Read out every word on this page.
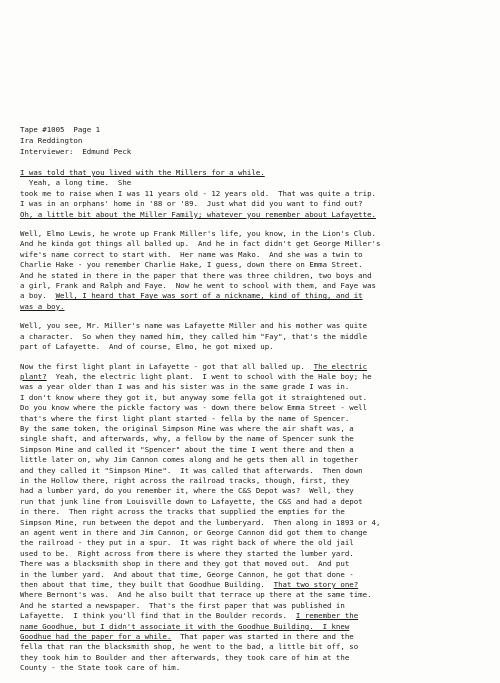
Tape #1005  Page 1
Ira Reddington
Interviewer:  Edmund Peck
I was told that you lived with the Millers for a while.
Yeah, a long time.  She
took me to raise when I was 11 years old - 12 years old.  That was quite a trip.
I was in an orphans' home in '88 or '89.  Just what did you want to find out?
Oh, a little bit about the Miller Family; whatever you remember about Lafayette.
Well, Elmo Lewis, he wrote up Frank Miller's life, you know, in the Lion's Club.
And he kinda got things all balled up.  And he in fact didn't get George Miller's
wife's name correct to start with.  Her name was Mako.  And she was a twin to
Charlie Hake - you remember Charlie Hake, I guess, down there on Emma Street.
And he stated in there in the paper that there was three children, two boys and
a girl, Frank and Ralph and Faye.  Now he went to school with them, and Faye was
a boy.  Well, I heard that Faye was sort of a nickname, kind of thing, and it
was a boy.
Well, you see, Mr. Miller's name was Lafayette Miller and his mother was quite
a character.  So when they named him, they called him "Fay", that's the middle
part of Lafayette.  And of course, Elmo, he got mixed up.
Now the first light plant in Lafayette - got that all balled up.  The electric
plant?  Yeah, the electric light plant.  I went to school with the Hale boy; he
was a year older than I was and his sister was in the same grade I was in.
I don't know where they got it, but anyway some fella got it straightened out.
Do you know where the pickle factory was - down there below Emma Street - well
that's where the first light plant started - fella by the name of Spencer.
By the same token, the original Simpson Mine was where the air shaft was, a
single shaft, and afterwards, why, a fellow by the name of Spencer sunk the
Simpson Mine and called it "Spencer" about the time I went there and then a
little later on, why Jim Cannon comes along and he gets them all in together
and they called it "Simpson Mine".  It was called that afterwards.  Then down
in the Hollow there, right across the railroad tracks, though, first, they
had a lumber yard, do you remember it, where the C&S Depot was?  Well, they
run that junk line from Louisville down to Lafayette, the C&S and had a depot
in there.  Then right across the tracks that supplied the empties for the
Simpson Mine, run between the depot and the lumberyard.  Then along in 1893 or 4,
an agent went in there and Jim Cannon, or George Cannon did got them to change
the railroad - they put in a spur.  It was right back of where the old jail
used to be.  Right across from there is where they started the lumber yard.
There was a blacksmith shop in there and they got that moved out.  And put
in the lumber yard.  And about that time, George Cannon, he got that done -
then about that time, they built that Goodhue Building.  That two story one?
Where Bernont's was.  And he also built that terrace up there at the same time.
And he started a newspaper.  That's the first paper that was published in
Lafayette.  I think you'll find that in the Boulder records.  I remember the
name Goodhue, but I didn't associate it with the Goodhue Building.  I knew
Goodhue had the paper for a while.  That paper was started in there and the
fella that ran the blacksmith shop, he went to the bad, a little bit off, so
they took him to Boulder and ther afterwards, they took care of him at the
County - the State took care of him.
